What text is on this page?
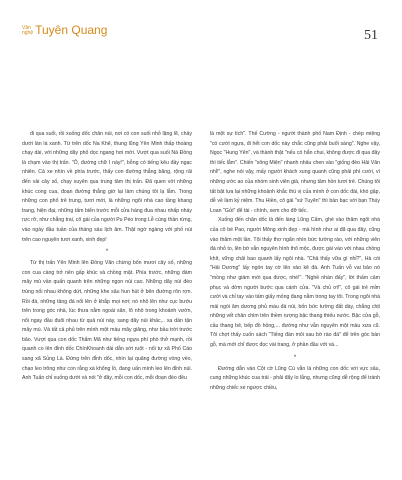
Văn
nghệ Tuyên Quang	51

đi qua suối, rồi xuống dốc chân núi, nơi có con suối nhỏ lặng lẽ, chảy dưới làn lá xanh. Từ trên dốc Na Khê, thung lũng Yên Minh thấp thoáng chạy dài, với những dãy phố dọc ngang hơi mới. Vượt qua suối Nà Đồng là chạm vào thị trấn. "Ô, đường chữ I này!", bỗng có tiếng kêu đầy ngạc nhiên. Cả xe nhìn về phía trước, thấy con đường thẳng băng, rộng rãi đến vài cây số, chạy xuyên qua trung tâm thị trấn. Đã quen với những khúc cong cua, đoạn đường thẳng giờ lại làm chúng tôi lạ lẫm. Trong những con phố trẻ trung, tươi mới, là những ngôi nhà cao tầng khang trang, hiện đại, những tấm biển trước mỗi cửa hàng đua nhau nhấp nháy rực rỡ, như chẳng trai, cô gái của người Pu Péo trong Lễ cúng thần rừng, vào ngày đầu tuần của tháng sáu lịch âm. Thật ngờ ngàng với phố núi trên cao nguyên tươi xanh, xinh đẹp!

*

Từ thị trấn Yên Minh lên Đồng Văn chừng bốn mươi cây số, những con cua càng trở nên gấp khúc và chồng mặt. Phía trước, những đám mây mù vần quấn quanh trên những ngọn núi cao. Những dãy núi đèo trùng nối nhau không dứt, những khe sâu hun hút ở bên đường rõn rợn. Rồi đá, những tảng đá nổi lên ở khắp mọi nơi; nó nhô lên như cục bướu trên trong góc nhà, lúc thưa nằm ngoài sân, lô nhô trong khoảnh vườn, nổi ngay đầu đuôi nhau từ quả núi này, sang dãy núi khác,.. xa dần tận mây mù. Và tất cả phủ trên mình một màu mây giăng, như bầu trời trước bão. Vượt qua con dốc Thẩm Mã như tiếng ngựa phì phò thở mạnh, rồi quanh co lên đỉnh dốc ChínKhoanh dài dằn sớt ruột - nổi tự xã Phố Cáo sang xã Sủng Là. Đứng trên đỉnh dốc, nhìn lại quãng đường vòng vèo, chạo leo trông như con rắng xà khổng lồ, đang uấn mình leo lên đỉnh núi. Anh Tuấn chỉ xuống dưới và nói "ở đây, mỗi con dốc, mỗi đoạn đèo đều

là một sự tích". Thế Cường - người thành phố Nam Định - chép miệng "có cưới ngựa, đi hết con dốc này chắc cũng phải buổi sáng". Nghe vậy, Ngọc "Hung Yên", và thành thật "nếu có hẳn chui, không được đi qua đây thì tiếc lắm". Chiến "sông Miện" nhanh nhảu chen vào "giống đèo Hải Vân nhỉ!", nghe nói vậy, mấy người khách xung quanh cũng phải phì cười, vì những ước ao của nhóm sinh viên già, nhưng tâm hồn tươi trẻ. Chúng tôi tất bật lựa lại những khoảnh khắc thú vị của mình ở con dốc đài, khó gặp, dễ về làm kỷ niệm. Thu Hiền, cô gái "xứ Tuyên" thì bàn bạc với bạn Thúy Loan "Gửi" để tài - chính, xem cho đỡ tiếc.

Xuống đến chân dốc là đến làng Lũng Cẩm, ghé vào thăm ngôi nhà của cô bé Pao, người Mông xinh đẹp - mà hình như ai đã qua đây, cũng vào thăm một lần. Tôi thấy thơ ngẩn nhìn bức tường rào, với những viên đá nhỏ to, lên bờ vẫn nguyên hình thô mộc, được gài vào với nhau chồng khít, vững chãi bao quanh lấy ngôi nhà. "Chả thấy vữa gì nhỉ?", Hà cói "Hải Dương" lấy ngón tay cờ lên vào kẽ đá. Anh Tuấn vỗ vai bảo nó "mồng như giám mới qua được, nhé!". "Nghề nhàn đấy", lời thấm cảm phục và dờm người bước qua cánh cửa. "Và chủ ơi!", cô gái trẻ mỉm cười và chỉ tay vào tấm giấy mỏng đang nằm trong tay tôi. Trong ngôi nhà mái ngói âm dương phủ màu đá núi, bốn bức tường đất dày, chắng chịt những vết chân chim trên thềm rượng bậc thang thiếu nước. Bậc cửa gỗ, cầu thang bê, bếp đồ hồng,... đường như vẫn nguyên một màu xưa cũ. Tôi chợt thấy cuốn sách "Tiếng đàn môi sau bờ rào đá" để trên góc bàn gỗ, mà mới chỉ được đọc vài trang, ở phần đầu với và...

*

Đường dẫn vào Cột cờ Lũng Cú vẫn là những con dốc với vực sâu, cung những khúc cua trái - phải đẩy lo lắng, nhưng cũng dễ rộng để tránh những chiếc xe ngược chiều,
